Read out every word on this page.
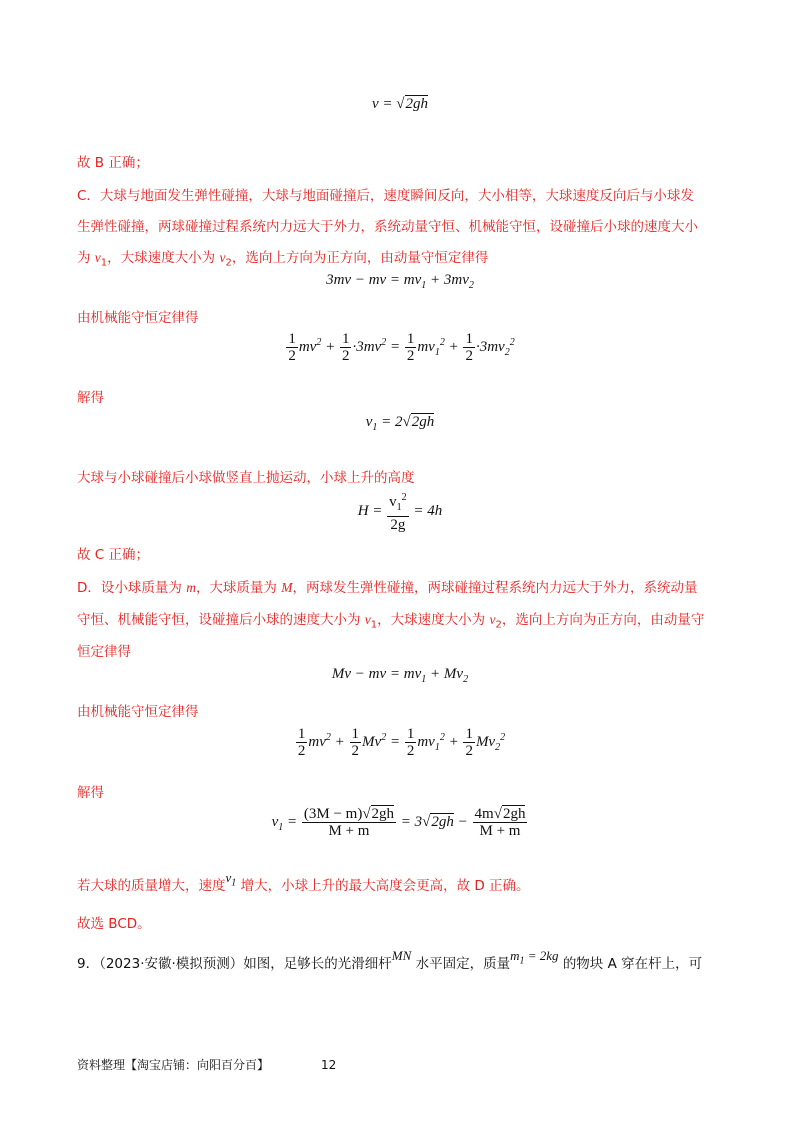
v = √2gh
故 B 正确；
C．大球与地面发生弹性碰撞，大球与地面碰撞后，速度瞬间反向，大小相等，大球速度反向后与小球发
生弹性碰撞，两球碰撞过程系统内力远大于外力，系统动量守恒、机械能守恒，设碰撞后小球的速度大小
为 $v_1$，大球速度大小为 $v_2$，选向上方向为正方向，由动量守恒定律得
3mv − mv = $mv_1 + 3mv_2$
由机械能守恒定律得
$\frac{1}{2} mv^2 + \frac{1}{2} \cdot 3mv^2 = \frac{1}{2} mv_1^2 + \frac{1}{2} \cdot 3mv_2^2$
解得
$v_1 = 2√2gh$
大球与小球碰撞后小球做竖直上抛运动，小球上升的高度
$H = \frac{v_1^2}{2g} = 4h$
故 C 正确；
D．设小球质量为 m，大球质量为 M，两球发生弹性碰撞，两球碰撞过程系统内力远大于外力，系统动量
守恒、机械能守恒，设碰撞后小球的速度大小为 $v_1$，大球速度大小为 $v_2$，选向上方向为正方向，由动量守
恒定律得
Mv − mv = $mv_1 + Mv_2$
由机械能守恒定律得
$\frac{1}{2} mv^2 + \frac{1}{2} Mv^2 = \frac{1}{2} mv_1^2 + \frac{1}{2} Mv_2^2$
解得
$v_1 = \frac{(3M - m)√2gh}{M + m} = 3√2gh - \frac{4m√2gh}{M + m}$
若大球的质量增大，速度$v_1$ 增大，小球上升的最大高度会更高，故 D 正确。
故选 BCD。
9．（2023·安徽·模拟预测）如图，足够长的光滑细杆MN 水平固定，质量$m_1 = 2kg$ 的物块 A 穿在杆上，可
资料整理【淘宝店铺：向阳百分百】	12
